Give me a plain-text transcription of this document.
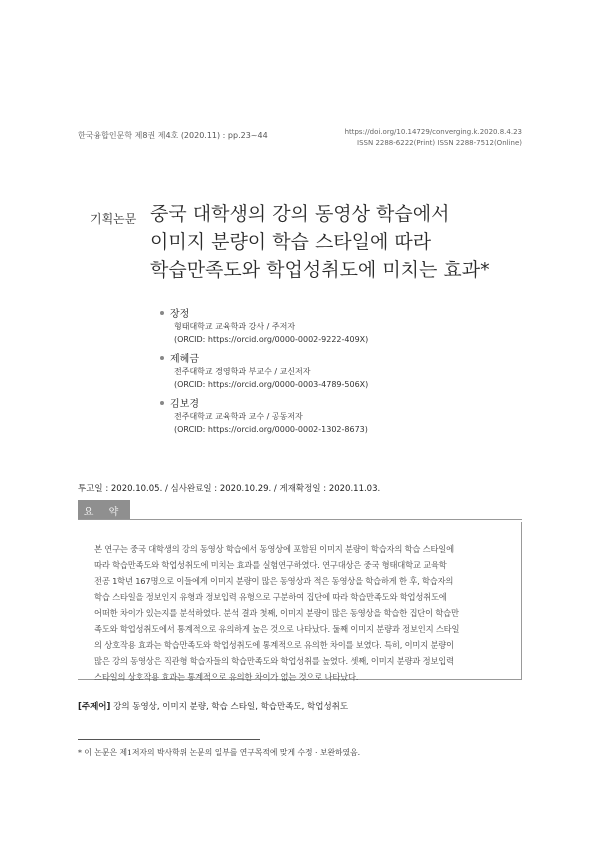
한국융합인문학 제8권 제4호 (2020.11) : pp.23~44	https://doi.org/10.14729/converging.k.2020.8.4.23
ISSN 2288-6222(Print) ISSN 2288-7512(Online)
기획논문 중국 대학생의 강의 동영상 학습에서
이미지 분량이 학습 스타일에 따라
학습만족도와 학업성취도에 미치는 효과*
장정
형태대학교 교육학과 강사 / 주저자
(ORCID: https://orcid.org/0000-0002-9222-409X)
제혜금
전주대학교 경영학과 부교수 / 교신저자
(ORCID: https://orcid.org/0000-0003-4789-506X)
김보경
전주대학교 교육학과 교수 / 공동저자
(ORCID: https://orcid.org/0000-0002-1302-8673)
투고일 : 2020.10.05. / 심사완료일 : 2020.10.29. / 게재확정일 : 2020.11.03.
요 약
본 연구는 중국 대학생의 강의 동영상 학습에서 동영상에 포함된 이미지 분량이 학습자의 학습 스타일에
따라 학습만족도와 학업성취도에 미치는 효과를 실험연구하였다. 연구대상은 중국 형태대학교 교육학
전공 1학년 167명으로 이들에게 이미지 분량이 많은 동영상과 적은 동영상을 학습하게 한 후, 학습자의
학습 스타일을 정보인지 유형과 정보입력 유형으로 구분하여 집단에 따라 학습만족도와 학업성취도에
어떠한 차이가 있는지를 분석하였다. 분석 결과 첫째, 이미지 분량이 많은 동영상을 학습한 집단이 학습만
족도와 학업성취도에서 통계적으로 유의하게 높은 것으로 나타났다. 둘째 이미지 분량과 정보인지 스타일
의 상호작용 효과는 학습만족도와 학업성취도에 통계적으로 유의한 차이를 보였다. 특히, 이미지 분량이
많은 강의 동영상은 직관형 학습자들의 학습만족도와 학업성취를 높였다. 셋째, 이미지 분량과 정보입력
스타일의 상호작용 효과는 통계적으로 유의한 차이가 없는 것으로 나타났다.
[주제어] 강의 동영상, 이미지 분량, 학습 스타일, 학습만족도, 학업성취도
* 이 논문은 제1저자의 박사학위 논문의 일부를 연구목적에 맞게 수정 · 보완하였음.
